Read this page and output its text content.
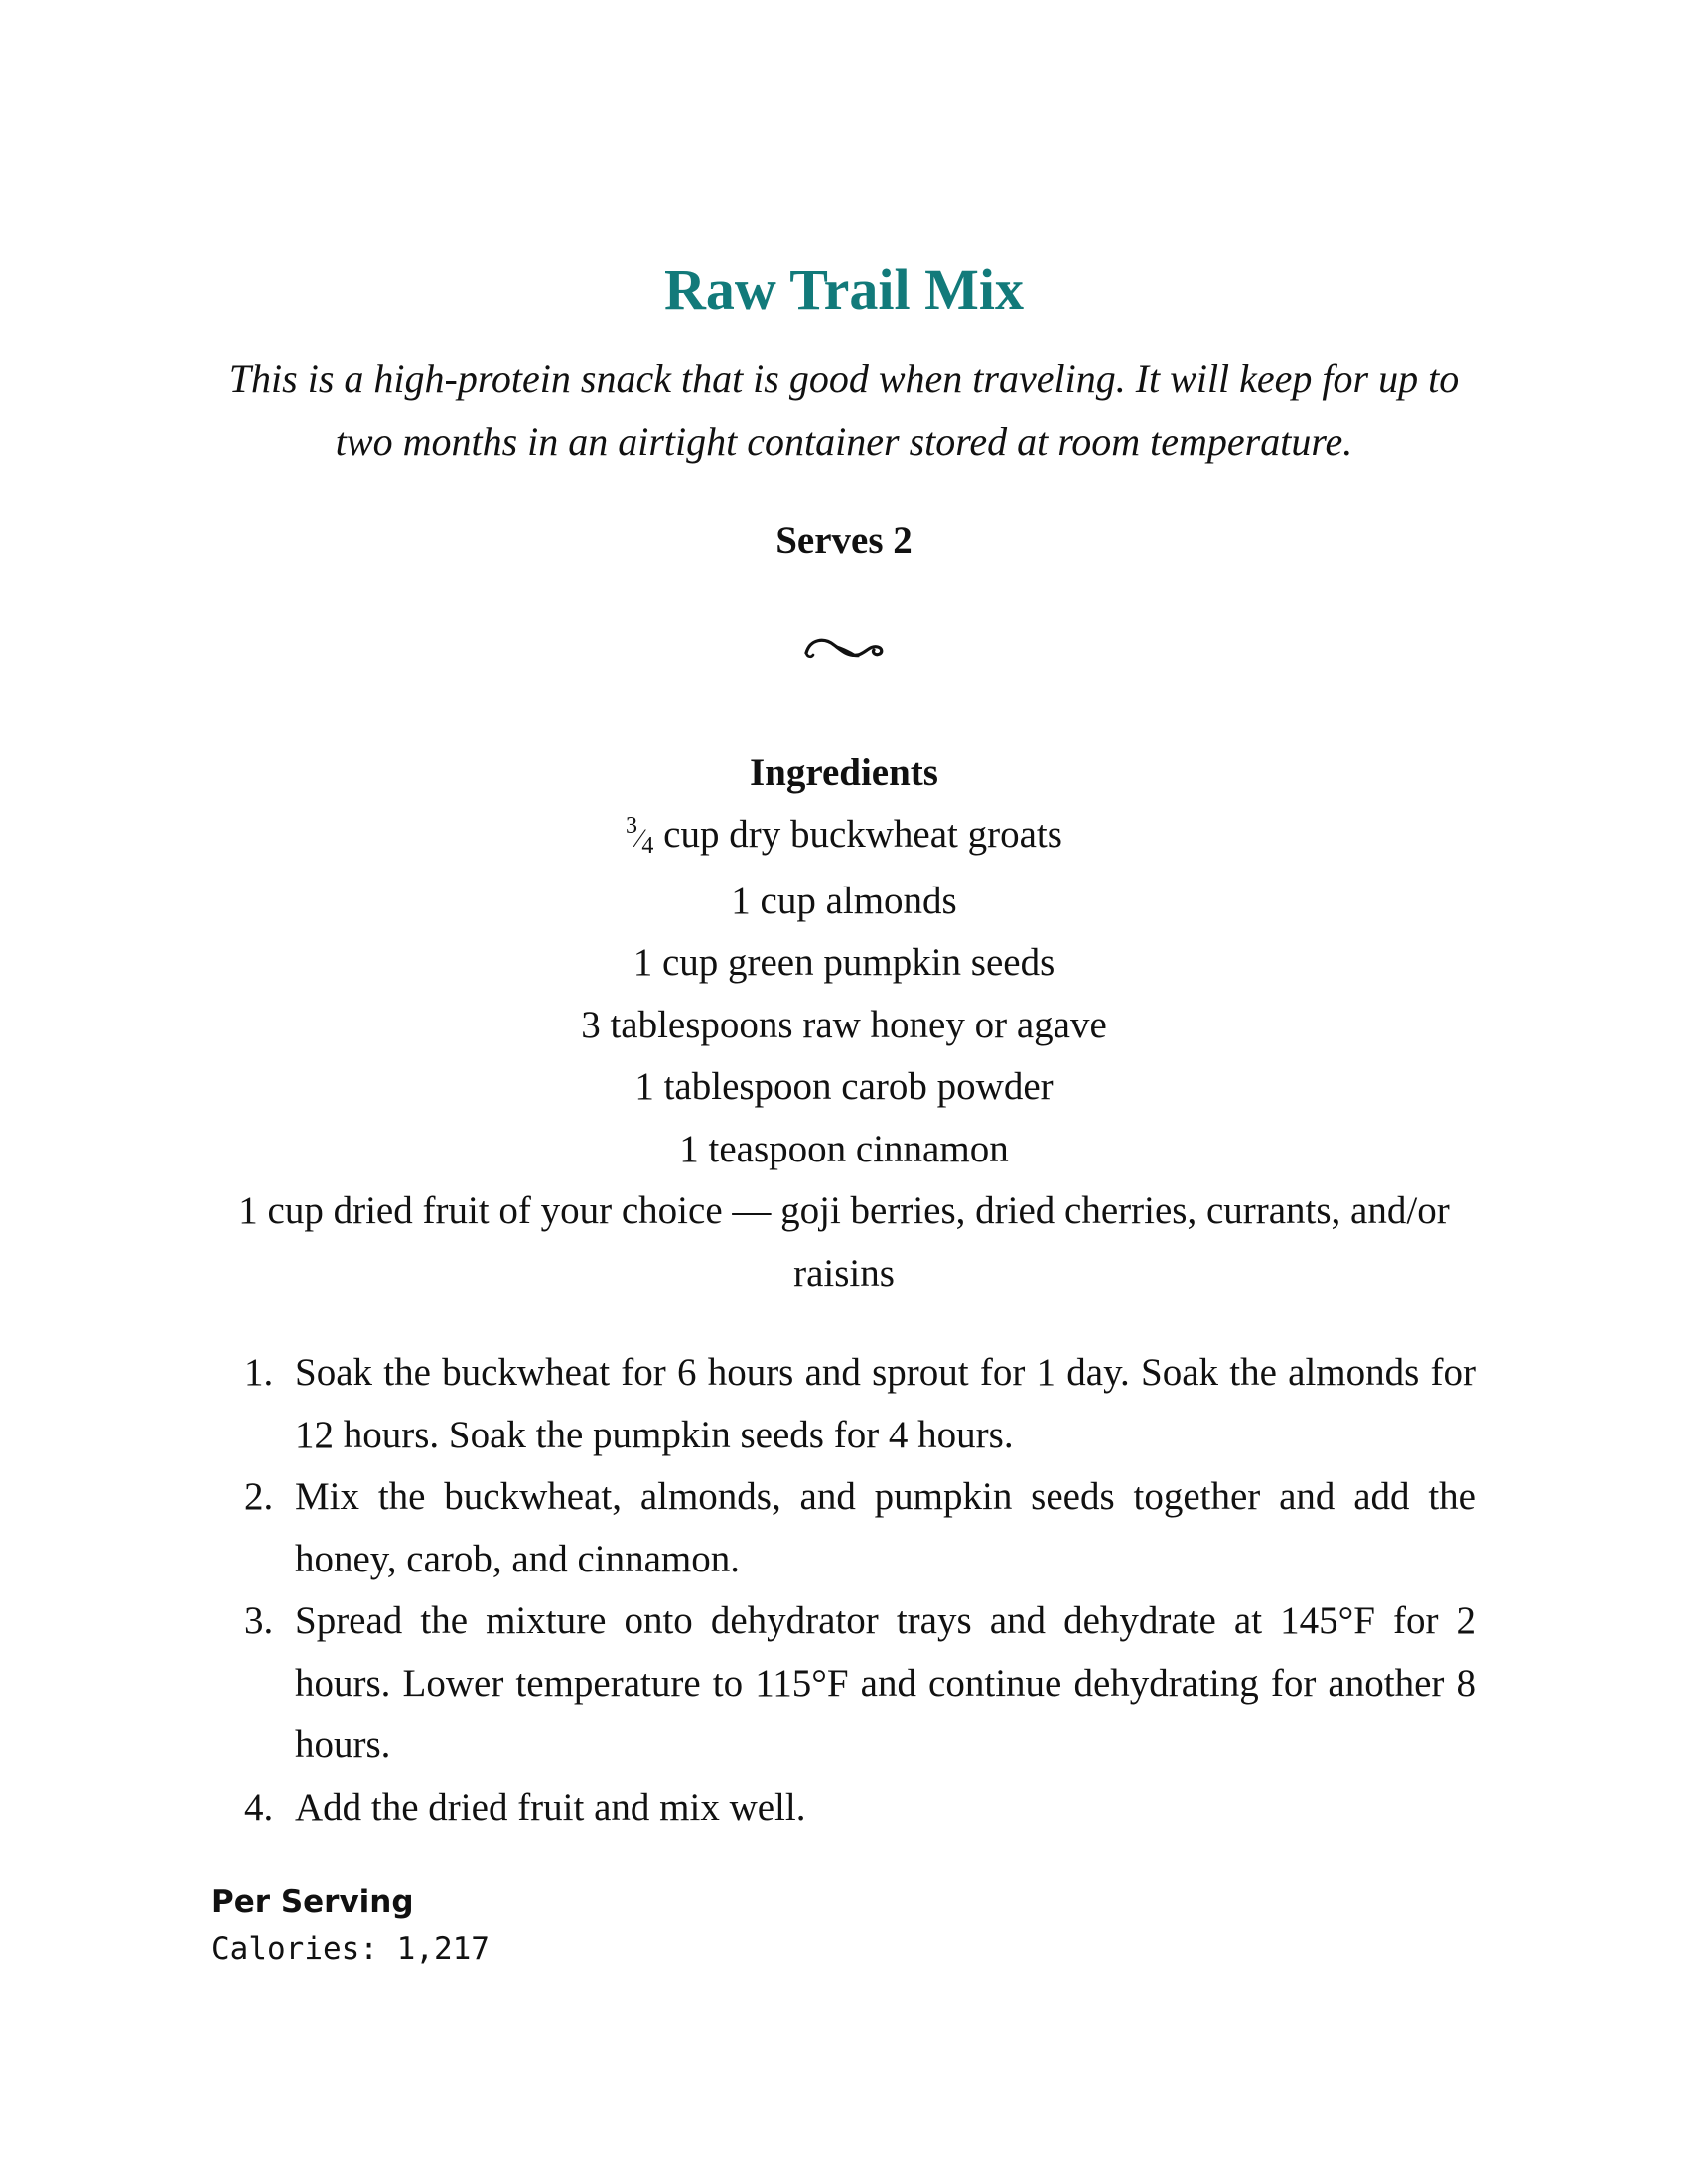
Raw Trail Mix

This is a high-protein snack that is good when traveling. It will keep for up to two months in an airtight container stored at room temperature.

Serves 2

Ingredients
$^3⁄_4$ cup dry buckwheat groats
1 cup almonds
1 cup green pumpkin seeds
3 tablespoons raw honey or agave
1 tablespoon carob powder
1 teaspoon cinnamon
1 cup dried fruit of your choice — goji berries, dried cherries, currants, and/or raisins
1. Soak the buckwheat for 6 hours and sprout for 1 day. Soak the almonds for 12 hours. Soak the pumpkin seeds for 4 hours.
2. Mix the buckwheat, almonds, and pumpkin seeds together and add the honey, carob, and cinnamon.
3. Spread the mixture onto dehydrator trays and dehydrate at 145°F for 2 hours. Lower temperature to 115°F and continue dehydrating for another 8 hours.
4. Add the dried fruit and mix well.

Per Serving

Calories: 1,217
